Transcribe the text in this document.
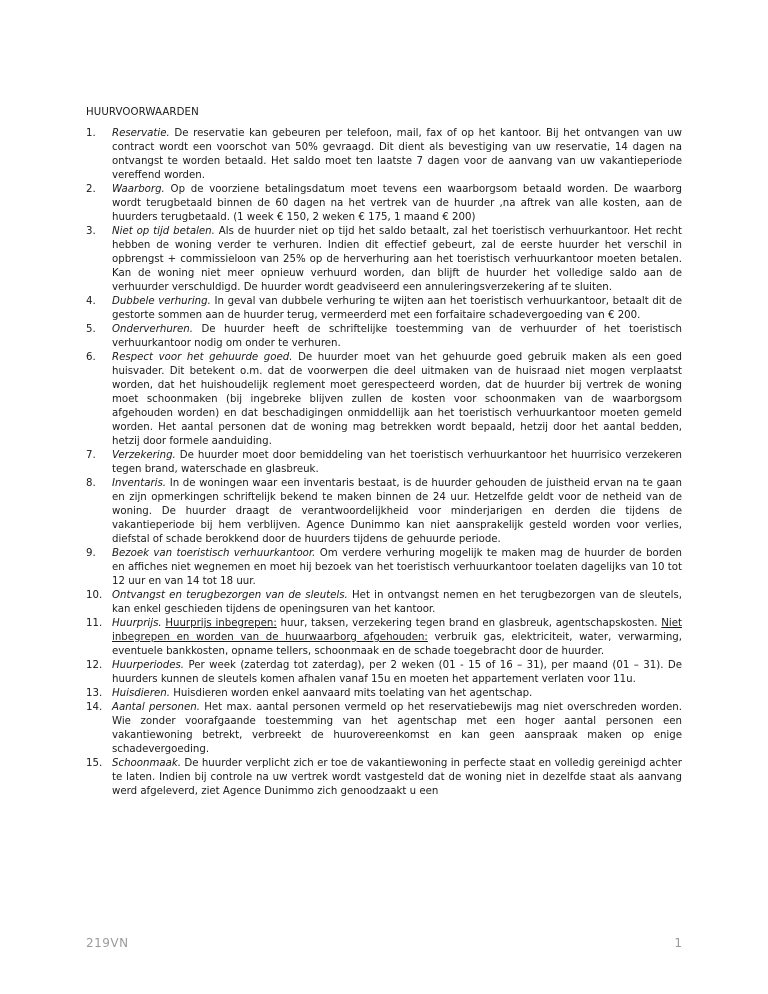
HUURVOORWAARDEN
1. Reservatie. De reservatie kan gebeuren per telefoon, mail, fax of op het kantoor. Bij het ontvangen van uw contract wordt een voorschot van 50% gevraagd. Dit dient als bevestiging van uw reservatie, 14 dagen na ontvangst te worden betaald. Het saldo moet ten laatste 7 dagen voor de aanvang van uw vakantieperiode vereffend worden.
2. Waarborg. Op de voorziene betalingsdatum moet tevens een waarborgsom betaald worden. De waarborg wordt terugbetaald binnen de 60 dagen na het vertrek van de huurder ,na aftrek van alle kosten, aan de huurders terugbetaald. (1 week € 150, 2 weken € 175, 1 maand € 200)
3. Niet op tijd betalen. Als de huurder niet op tijd het saldo betaalt, zal het toeristisch verhuurkantoor. Het recht hebben de woning verder te verhuren. Indien dit effectief gebeurt, zal de eerste huurder het verschil in opbrengst + commissieloon van 25% op de herverhuring aan het toeristisch verhuurkantoor moeten betalen. Kan de woning niet meer opnieuw verhuurd worden, dan blijft de huurder het volledige saldo aan de verhuurder verschuldigd. De huurder wordt geadviseerd een annuleringsverzekering af te sluiten.
4. Dubbele verhuring. In geval van dubbele verhuring te wijten aan het toeristisch verhuurkantoor, betaalt dit de gestorte sommen aan de huurder terug, vermeerderd met een forfaitaire schadevergoeding van € 200.
5. Onderverhuren. De huurder heeft de schriftelijke toestemming van de verhuurder of het toeristisch verhuurkantoor nodig om onder te verhuren.
6. Respect voor het gehuurde goed. De huurder moet van het gehuurde goed gebruik maken als een goed huisvader. Dit betekent o.m. dat de voorwerpen die deel uitmaken van de huisraad niet mogen verplaatst worden, dat het huishoudelijk reglement moet gerespecteerd worden, dat de huurder bij vertrek de woning moet schoonmaken (bij ingebreke blijven zullen de kosten voor schoonmaken van de waarborgsom afgehouden worden) en dat beschadigingen onmiddellijk aan het toeristisch verhuurkantoor moeten gemeld worden. Het aantal personen dat de woning mag betrekken wordt bepaald, hetzij door het aantal bedden, hetzij door formele aanduiding.
7. Verzekering. De huurder moet door bemiddeling van het toeristisch verhuurkantoor het huurrisico verzekeren tegen brand, waterschade en glasbreuk.
8. Inventaris. In de woningen waar een inventaris bestaat, is de huurder gehouden de juistheid ervan na te gaan en zijn opmerkingen schriftelijk bekend te maken binnen de 24 uur. Hetzelfde geldt voor de netheid van de woning. De huurder draagt de verantwoordelijkheid voor minderjarigen en derden die tijdens de vakantieperiode bij hem verblijven. Agence Dunimmo kan niet aansprakelijk gesteld worden voor verlies, diefstal of schade berokkend door de huurders tijdens de gehuurde periode.
9. Bezoek van toeristisch verhuurkantoor. Om verdere verhuring mogelijk te maken mag de huurder de borden en affiches niet wegnemen en moet hij bezoek van het toeristisch verhuurkantoor toelaten dagelijks van 10 tot 12 uur en van 14 tot 18 uur.
10. Ontvangst en terugbezorgen van de sleutels. Het in ontvangst nemen en het terugbezorgen van de sleutels, kan enkel geschieden tijdens de openingsuren van het kantoor.
11. Huurprijs. Huurprijs inbegrepen: huur, taksen, verzekering tegen brand en glasbreuk, agentschapskosten. Niet inbegrepen en worden van de huurwaarborg afgehouden: verbruik gas, elektriciteit, water, verwarming, eventuele bankkosten, opname tellers, schoonmaak en de schade toegebracht door de huurder.
12. Huurperiodes. Per week (zaterdag tot zaterdag), per 2 weken (01 - 15 of 16 – 31), per maand (01 – 31). De huurders kunnen de sleutels komen afhalen vanaf 15u en moeten het appartement verlaten voor 11u.
13. Huisdieren. Huisdieren worden enkel aanvaard mits toelating van het agentschap.
14. Aantal personen. Het max. aantal personen vermeld op het reservatiebewijs mag niet overschreden worden. Wie zonder voorafgaande toestemming van het agentschap met een hoger aantal personen een vakantiewoning betrekt, verbreekt de huurovereenkomst en kan geen aanspraak maken op enige schadevergoeding.
15. Schoonmaak. De huurder verplicht zich er toe de vakantiewoning in perfecte staat en volledig gereinigd achter te laten. Indien bij controle na uw vertrek wordt vastgesteld dat de woning niet in dezelfde staat als aanvang werd afgeleverd, ziet Agence Dunimmo zich genoodzaakt u een
219VN	1
